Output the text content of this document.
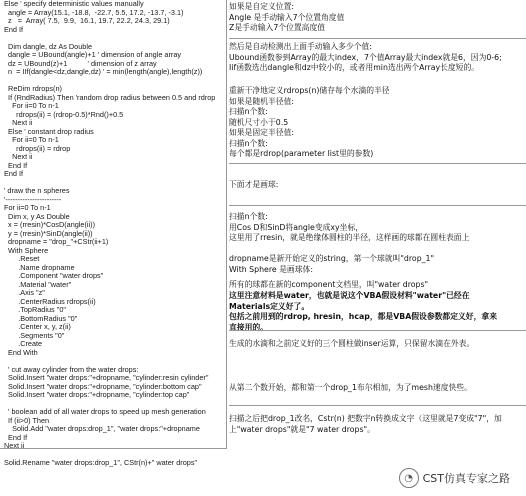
Else ' specify deterministic values manually
angle = Array(15.1, -18.8,  -22.7, 5.5, 17.2, -13.7, -3.1)
z   =  Array( 7.5,  9.9,  16.1, 19.7, 22.2, 24.3, 29.1)
End If

Dim dangle, dz As Double
dangle = UBound(angle)+1 ' dimension of angle array
dz = UBound(z)+1          ' dimension of z array
n  = IIf(dangle<dz,dangle,dz) ' = min(length(angle),length(z))

ReDim rdrops(n)
If (RndRadius) Then 'random drop radius between 0.5 and rdrop
For ii=0 To n-1
rdrops(ii) = (rdrop-0.5)*Rnd()+0.5
Next ii
Else ' constant drop radius
For ii=0 To n-1
rdrops(ii) = rdrop
Next ii
End If
End If

' draw the n spheres
'-----------------------
For ii=0 To n-1
Dim x, y As Double
x = (rresin)*CosD(angle(ii))
y = (rresin)*SinD(angle(ii))
dropname = "drop_"+CStr(ii+1)
With Sphere
.Reset
.Name dropname
.Component "water drops"
.Material "water"
.Axis "z"
.CenterRadius rdrops(ii)
.TopRadius "0"
.BottomRadius "0"
.Center x, y, z(ii)
.Segments "0"
.Create
End With

' cut away cylinder from the water drops:
Solid.Insert "water drops:"+dropname, "cylinder:resin cylinder"
Solid.Insert "water drops:"+dropname, "cylinder:bottom cap"
Solid.Insert "water drops:"+dropname, "cylinder:top cap"

' boolean add of all water drops to speed up mesh generation
If (ii>0) Then
Solid.Add "water drops:drop_1", "water drops:"+dropname
End If
Next ii

Solid.Rename "water drops:drop_1", CStr(n)+" water drops"
如果是自定义位置:
Angle 是手动输入7个位置角度值
Z是手动输入7个位置高度值
然后是自动检测出上面手动输入多少个值:
Ubound函数参到Array的最大index，7个值Array最大index就是6，因为0-6;
Iif函数选出dangle和dz中较小的，或者用min选出两个Array长度短的。
重新干净地定义rdrops(n)储存每个水滴的半径
如果是随机半径值:
扫描n个数:
随机尺寸小于0.5
如果是固定半径值:
扫描n个数:
每个都是rdrop(parameter list里的参数)
下面才是画球:
扫描n个数:
用Cos D和SinD将angle变成xy坐标，
这里用了rresin，就是绝缘体圆柱的半径，这样画的球都在圆柱表面上

dropname是新开始定义的string，第一个球就叫"drop_1"
With Sphere 是画球体:
所有的球都在新的component文档里，叫"water drops"
这里注意材料是water，也就是说这个VBA假设材料"water"已经在
Materials定义好了。
包括之前用到的rdrop, hresin，hcap，都是VBA假设参数都定义好，拿来
直接用的。
生成的水滴和之前定义好的三个圆柱做inser运算，只保留水滴在外表。
从第二个数开始，都和第一个drop_1布尔相加，为了mesh速度快些。
扫描之后把drop_1改名，Cstr(n) 把数字n转换成文字（这里就是7变成"7"，加
上"water drops"就是"7 water drops"。
◔ CST仿真专家之路
